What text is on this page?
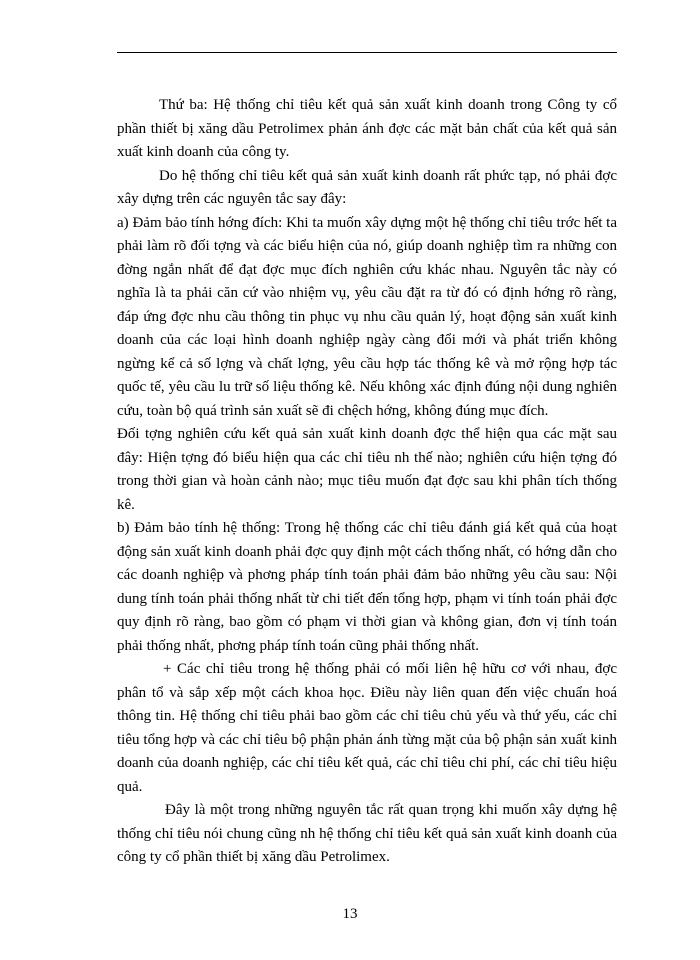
Thứ ba: Hệ thống chỉ tiêu kết quả sản xuất kinh doanh trong Công ty cổ phần thiết bị xăng dầu Petrolimex phản ánh đợc các mặt bản chất của kết quả sản xuất kinh doanh của công ty.

Do hệ thống chỉ tiêu kết quả sản xuất kinh doanh rất phức tạp, nó phải đợc xây dựng trên các nguyên tắc say đây:

a) Đảm bảo tính hớng đích: Khi ta muốn xây dựng một hệ thống chỉ tiêu trớc hết ta phải làm rõ đối tợng và các biểu hiện của nó, giúp doanh nghiệp tìm ra những con đờng ngắn nhất để đạt đợc mục đích nghiên cứu khác nhau. Nguyên tắc này có nghĩa là ta phải căn cứ vào nhiệm vụ, yêu cầu đặt ra từ đó có định hớng rõ ràng, đáp ứng đợc nhu cầu thông tin phục vụ nhu cầu quản lý, hoạt động sản xuất kinh doanh của các loại hình doanh nghiệp ngày càng đổi mới và phát triển không ngừng kể cả số lợng và chất lợng, yêu cầu hợp tác thống kê và mở rộng hợp tác quốc tế, yêu cầu lu trữ số liệu thống kê. Nếu không xác định đúng nội dung nghiên cứu, toàn bộ quá trình sản xuất sẽ đi chệch hớng, không đúng mục đích.

Đối tợng nghiên cứu kết quả sản xuất kinh doanh đợc thể hiện qua các mặt sau đây: Hiện tợng đó biểu hiện qua các chỉ tiêu nh thế nào; nghiên cứu hiện tợng đó trong thời gian và hoàn cảnh nào; mục tiêu muốn đạt đợc sau khi phân tích thống kê.

b) Đảm bảo tính hệ thống: Trong hệ thống các chỉ tiêu đánh giá kết quả của hoạt động sản xuất kinh doanh phải đợc quy định một cách thống nhất, có hớng dẫn cho các doanh nghiệp và phơng pháp tính toán phải đảm bảo những yêu cầu sau: Nội dung tính toán phải thống nhất từ chi tiết đến tổng hợp, phạm vi tính toán phải đợc quy định rõ ràng, bao gồm có phạm vi thời gian và không gian, đơn vị tính toán phải thống nhất, phơng pháp tính toán cũng phải thống nhất.

+ Các chỉ tiêu trong hệ thống phải có mối liên hệ hữu cơ với nhau, đợc phân tổ và sắp xếp một cách khoa học. Điều này liên quan đến việc chuẩn hoá thông tin. Hệ thống chỉ tiêu phải bao gồm các chỉ tiêu chủ yếu và thứ yếu, các chỉ tiêu tổng hợp và các chỉ tiêu bộ phận phản ánh từng mặt của bộ phận sản xuất kinh doanh của doanh nghiệp, các chỉ tiêu kết quả, các chỉ tiêu chi phí, các chỉ tiêu hiệu quả.

Đây là một trong những nguyên tắc rất quan trọng khi muốn xây dựng hệ thống chỉ tiêu nói chung cũng nh hệ thống chỉ tiêu kết quả sản xuất kinh doanh của công ty cổ phần thiết bị xăng dầu Petrolimex.

13
